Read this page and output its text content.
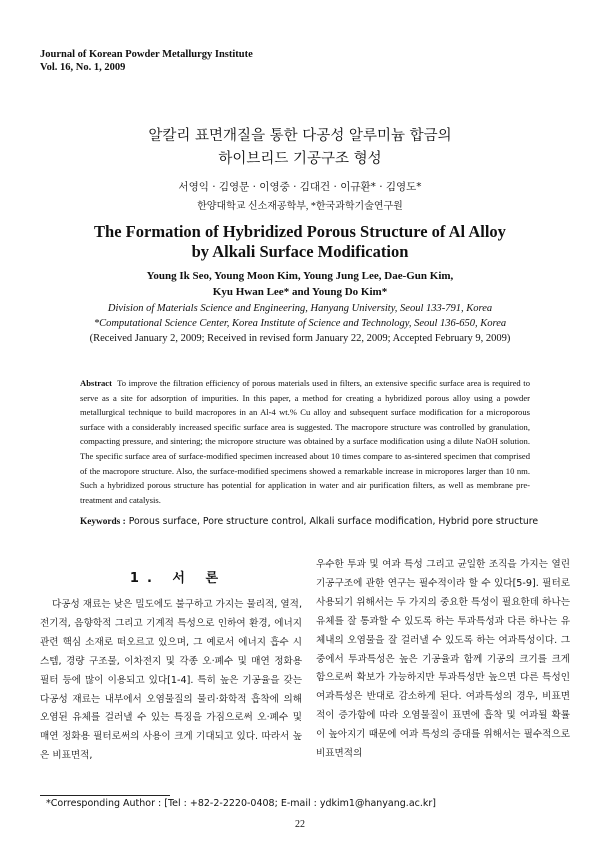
Journal of Korean Powder Metallurgy Institute
Vol. 16, No. 1, 2009
알칼리 표면개질을 통한 다공성 알루미늄 합금의
하이브리드 기공구조 형성
서영익 · 김영문 · 이영중 · 김대건 · 이규환* · 김영도*
한양대학교 신소재공학부, *한국과학기술연구원
The Formation of Hybridized Porous Structure of Al Alloy
by Alkali Surface Modification
Young Ik Seo, Young Moon Kim, Young Jung Lee, Dae-Gun Kim,
Kyu Hwan Lee* and Young Do Kim*
Division of Materials Science and Engineering, Hanyang University, Seoul 133-791, Korea
*Computational Science Center, Korea Institute of Science and Technology, Seoul 136-650, Korea
(Received January 2, 2009; Received in revised form January 22, 2009; Accepted February 9, 2009)
Abstract To improve the filtration efficiency of porous materials used in filters, an extensive specific surface area is required to serve as a site for adsorption of impurities. In this paper, a method for creating a hybridized porous alloy using a powder metallurgical technique to build macropores in an Al-4 wt.% Cu alloy and subsequent surface modification for a microporous surface with a considerably increased specific surface area is suggested. The macropore structure was controlled by granulation, compacting pressure, and sintering; the micropore structure was obtained by a surface modification using a dilute NaOH solution. The specific surface area of surface-modified specimen increased about 10 times compare to as-sintered specimen that comprised of the macropore structure. Also, the surface-modified specimens showed a remarkable increase in micropores larger than 10 nm. Such a hybridized porous structure has potential for application in water and air purification filters, as well as membrane pre-treatment and catalysis.
Keywords : Porous surface, Pore structure control, Alkali surface modification, Hybrid pore structure
1. 서 론
다공성 재료는 낮은 밀도에도 불구하고 가지는 물리적, 열적, 전기적, 음향학적 그리고 기계적 특성으로 인하여 환경, 에너지 관련 핵심 소재로 떠오르고 있으며, 그 예로서 에너지 흡수 시스템, 경량 구조물, 이차전지 및 각종 오·폐수 및 매연 정화용 필터 등에 많이 이용되고 있다[1-4]. 특히 높은 기공율을 갖는 다공성 재료는 내부에서 오염물질의 물리·화학적 흡착에 의해 오염된 유체를 걸러낼 수 있는 특징을 가짐으로써 오·폐수 및 매연 정화용 필터로써의 사용이 크게 기대되고 있다. 따라서 높은 비표면적,
우수한 투과 및 여과 특성 그리고 균일한 조직을 가지는 열린 기공구조에 관한 연구는 필수적이라 할 수 있다[5-9]. 필터로 사용되기 위해서는 두 가지의 중요한 특성이 필요한데 하나는 유체를 잘 통과할 수 있도록 하는 투과특성과 다른 하나는 유체내의 오염물을 잘 걸러낼 수 있도록 하는 여과특성이다. 그 중에서 투과특성은 높은 기공율과 함께 기공의 크기를 크게 함으로써 확보가 가능하지만 투과특성만 높으면 다른 특성인 여과특성은 반대로 감소하게 된다. 여과특성의 경우, 비표면적이 증가함에 따라 오염물질이 표면에 흡착 및 여과될 확률이 높아지기 때문에 여과 특성의 증대를 위해서는 필수적으로 비표면적의
*Corresponding Author : [Tel : +82-2-2220-0408; E-mail : ydkim1@hanyang.ac.kr]
22
